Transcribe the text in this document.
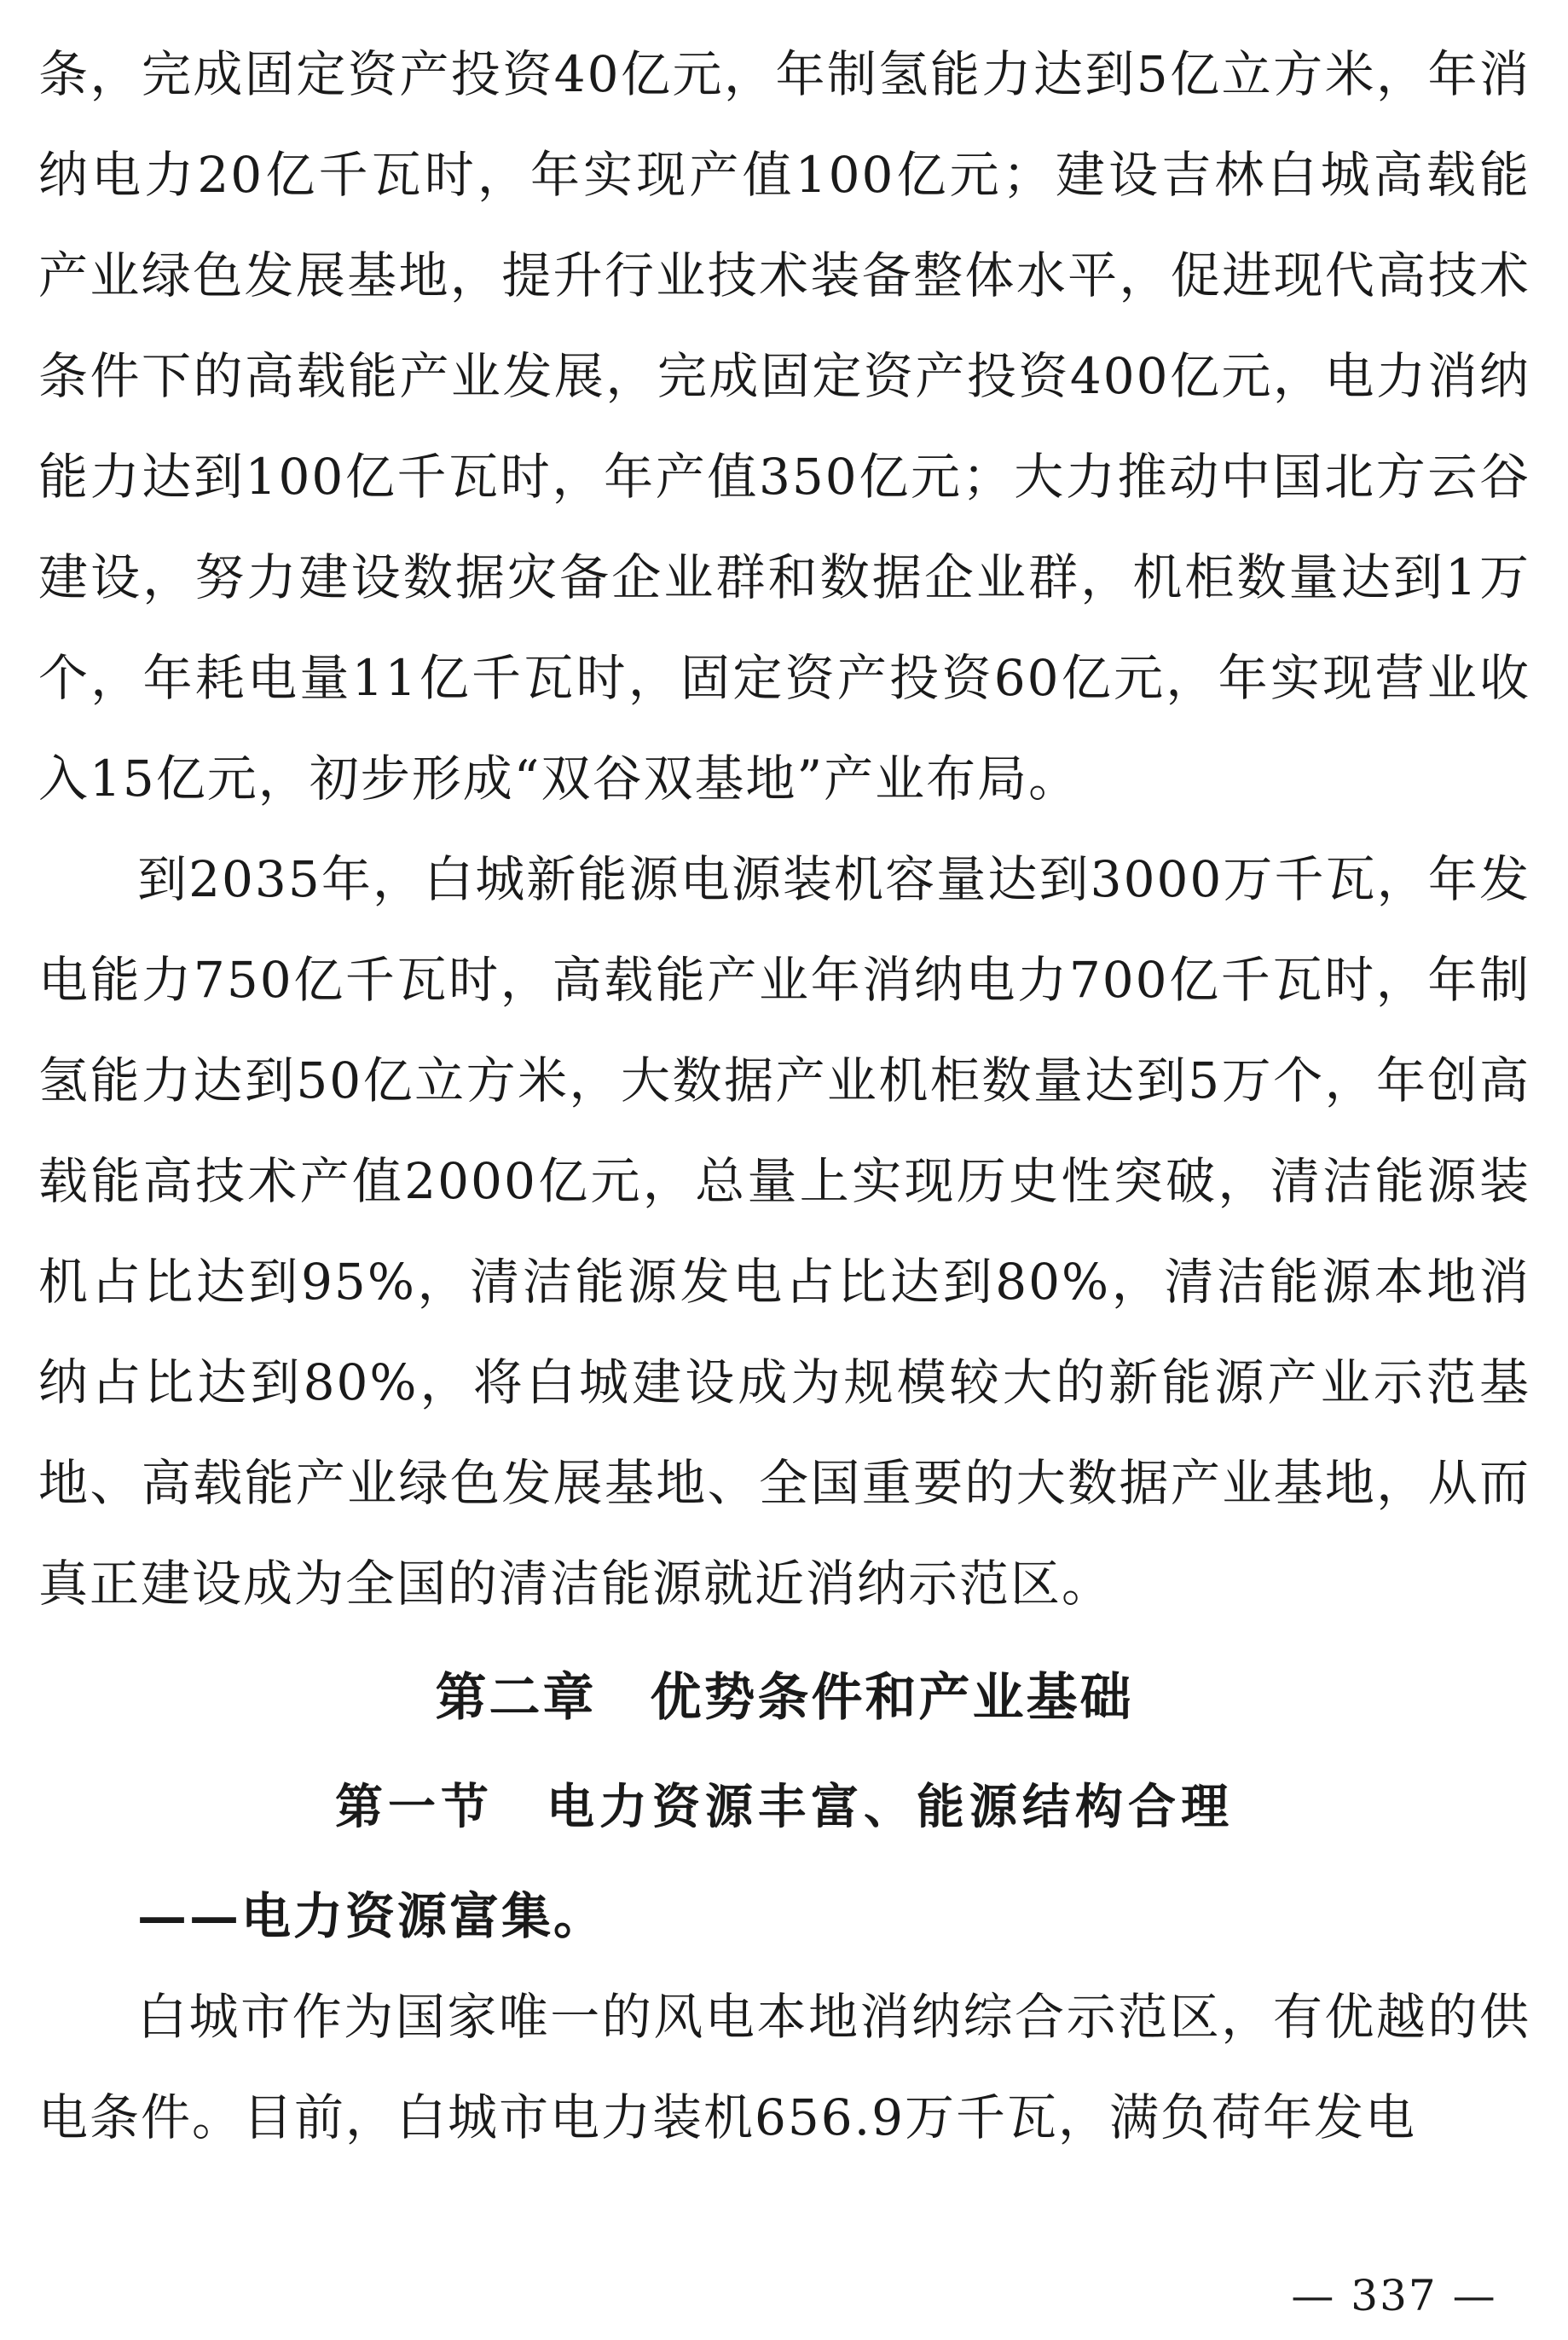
条，完成固定资产投资40亿元，年制氢能力达到5亿立方米，年消纳电力20亿千瓦时，年实现产值100亿元；建设吉林白城高载能产业绿色发展基地，提升行业技术装备整体水平，促进现代高技术条件下的高载能产业发展，完成固定资产投资400亿元，电力消纳能力达到100亿千瓦时，年产值350亿元；大力推动中国北方云谷建设，努力建设数据灾备企业群和数据企业群，机柜数量达到1万个，年耗电量11亿千瓦时，固定资产投资60亿元，年实现营业收入15亿元，初步形成“双谷双基地”产业布局。

到2035年，白城新能源电源装机容量达到3000万千瓦，年发电能力750亿千瓦时，高载能产业年消纳电力700亿千瓦时，年制氢能力达到50亿立方米，大数据产业机柜数量达到5万个，年创高载能高技术产值2000亿元，总量上实现历史性突破，清洁能源装机占比达到95%，清洁能源发电占比达到80%，清洁能源本地消纳占比达到80%，将白城建设成为规模较大的新能源产业示范基地、高载能产业绿色发展基地、全国重要的大数据产业基地，从而真正建设成为全国的清洁能源就近消纳示范区。

第二章　优势条件和产业基础
第一节　电力资源丰富、能源结构合理
——电力资源富集。

白城市作为国家唯一的风电本地消纳综合示范区，有优越的供电条件。目前，白城市电力装机656.9万千瓦，满负荷年发电

— 337 —
